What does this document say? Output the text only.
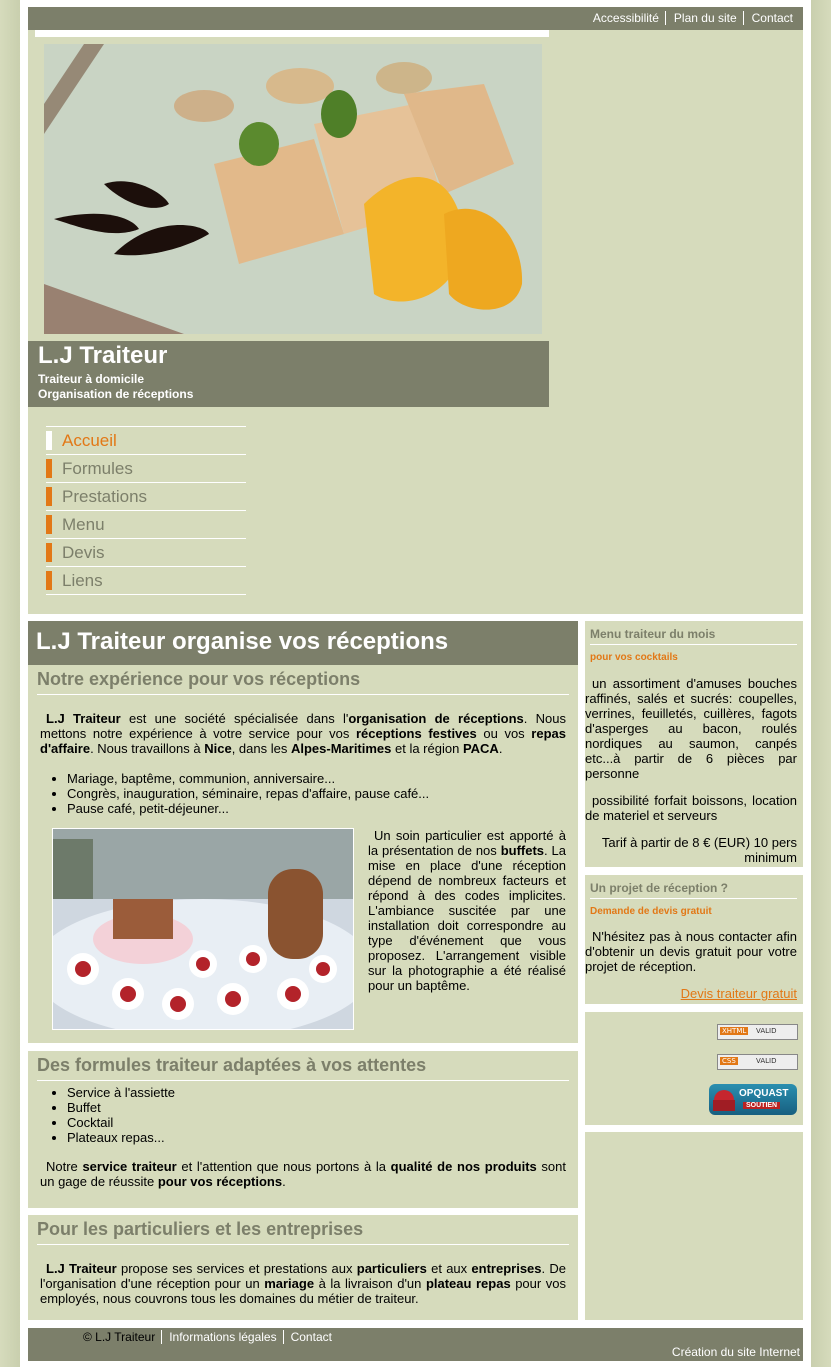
Accessibilité	Plan du site	Contact
L.J Traiteur
Traiteur à domicile
Organisation de réceptions
Accueil
Formules
Prestations
Menu
Devis
Liens
Notre expérience pour vos réceptions

L.J Traiteur est une société spécialisée dans l'organisation de réceptions. Nous mettons notre expérience à votre service pour vos réceptions festives ou vos repas d'affaire. Nous travaillons à Nice, dans les Alpes-Maritimes et la région PACA.

• Mariage, baptême, communion, anniversaire...
• Congrès, inauguration, séminaire, repas d'affaire, pause café...
• Pause café, petit-déjeuner...

Un soin particulier est apporté à la présentation de nos buffets. La mise en place d'une réception dépend de nombreux facteurs et répond à des codes implicites. L'ambiance suscitée par une installation doit correspondre au type d'événement que vous proposez. L'arrangement visible sur la photographie a été réalisé pour un baptême.

L.J Traiteur organise vos réceptions
Des formules traiteur adaptées à vos attentes
• Service à l'assiette
• Buffet
• Cocktail
• Plateaux repas...

Notre service traiteur et l'attention que nous portons à la qualité de nos produits sont un gage de réussite pour vos réceptions.

Pour les particuliers et les entreprises

L.J Traiteur propose ses services et prestations aux particuliers et aux entreprises. De l'organisation d'une réception pour un mariage à la livraison d'un plateau repas pour vos employés, nous couvrons tous les domaines du métier de traiteur.

Menu traiteur du mois
pour vos cocktails

un assortiment d'amuses bouches raffinés, salés et sucrés: coupelles, verrines, feuilletés, cuillères, fagots d'asperges au bacon, roulés nordiques au saumon, canpés etc...à partir de 6 pièces par personne

possibilité forfait boissons, location de materiel et serveurs

Tarif à partir de 8 € (EUR) 10 pers minimum

Un projet de réception ?
Demande de devis gratuit

N'hésitez pas à nous contacter afin d'obtenir un devis gratuit pour votre projet de réception.

Devis traiteur gratuit

XHTML VALID
CSS	VALID
OPQUAST
SOUTIEN
© L.J Traiteur	Informations légales	Contact
Création du site Internet
